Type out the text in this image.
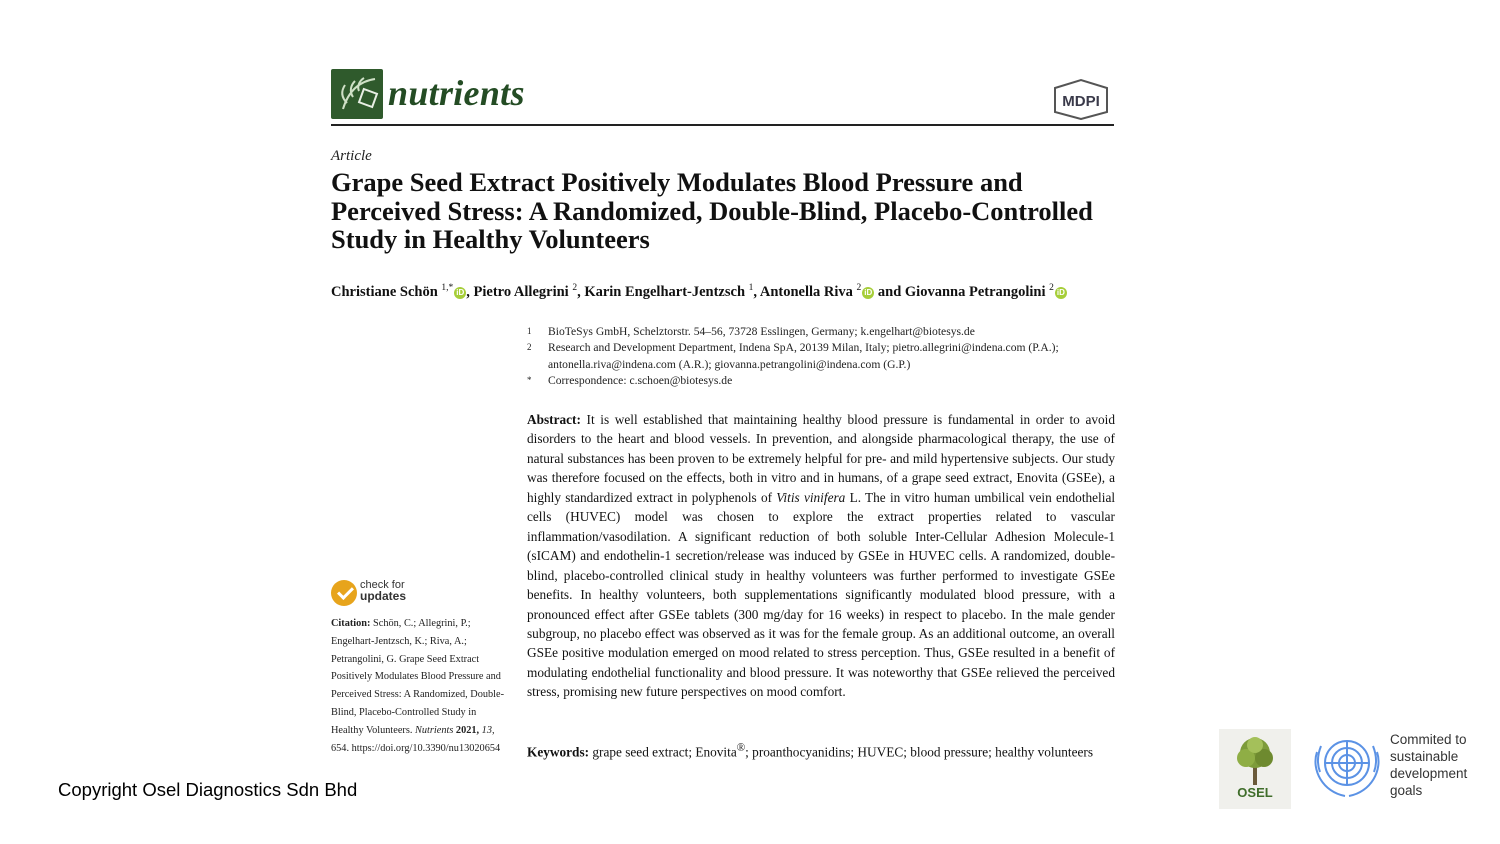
nutrients	MDPI
Article
Grape Seed Extract Positively Modulates Blood Pressure and Perceived Stress: A Randomized, Double-Blind, Placebo-Controlled Study in Healthy Volunteers
Christiane Schön $^{1,*}$ iD , Pietro Allegrini $^2$, Karin Engelhart-Jentzsch $^1$, Antonella Riva $^2$ iD and Giovanna Petrangolini $^2$ iD
1 BioTeSys GmbH, Schelztorstr. 54–56, 73728 Esslingen, Germany; k.engelhart@biotesys.de
2 Research and Development Department, Indena SpA, 20139 Milan, Italy; pietro.allegrini@indena.com (P.A.);
antonella.riva@indena.com (A.R.); giovanna.petrangolini@indena.com (G.P.)
* Correspondence: c.schoen@biotesys.de
Abstract: It is well established that maintaining healthy blood pressure is fundamental in order to avoid disorders to the heart and blood vessels. In prevention, and alongside pharmacological therapy, the use of natural substances has been proven to be extremely helpful for pre- and mild hypertensive subjects. Our study was therefore focused on the effects, both in vitro and in humans, of a grape seed extract, Enovita (GSEe), a highly standardized extract in polyphenols of Vitis vinifera L. The in vitro human umbilical vein endothelial cells (HUVEC) model was chosen to explore the extract properties related to vascular inflammation/vasodilation. A significant reduction of both soluble Inter-Cellular Adhesion Molecule-1 (sICAM) and endothelin-1 secretion/release was induced by GSEe in HUVEC cells. A randomized, double-blind, placebo-controlled clinical study in healthy volunteers was further performed to investigate GSEe benefits. In healthy volunteers, both supplementations significantly modulated blood pressure, with a pronounced effect after GSEe tablets (300 mg/day for 16 weeks) in respect to placebo. In the male gender subgroup, no placebo effect was observed as it was for the female group. As an additional outcome, an overall GSEe positive modulation emerged on mood related to stress perception. Thus, GSEe resulted in a benefit of modulating endothelial functionality and blood pressure. It was noteworthy that GSEe relieved the perceived stress, promising new future perspectives on mood comfort.
Keywords: grape seed extract; Enovita®; proanthocyanidins; HUVEC; blood pressure; healthy volunteers
check for
updates
Citation: Schön, C.; Allegrini, P.; Engelhart-Jentzsch, K.; Riva, A.; Petrangolini, G. Grape Seed Extract Positively Modulates Blood Pressure and Perceived Stress: A Randomized, Double-Blind, Placebo-Controlled Study in Healthy Volunteers. Nutrients 2021, 13, 654. https://doi.org/10.3390/nu13020654
Copyright Osel Diagnostics Sdn Bhd	OSEL
Commited to
sustainable
development
goals
